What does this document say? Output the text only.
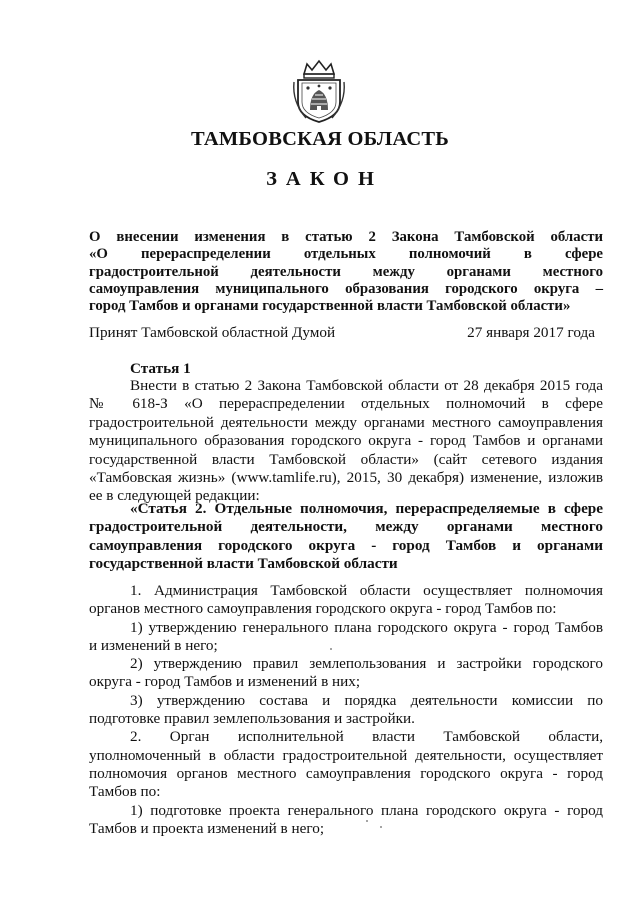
ТАМБОВСКАЯ ОБЛАСТЬ
ЗАКОН
О внесении изменения в статью 2 Закона Тамбовской области
«О перераспределении отдельных полномочий в сфере
градостроительной деятельности между органами местного
самоуправления муниципального образования городского округа –
город Тамбов и органами государственной власти Тамбовской области»
Принят Тамбовской областной Думой	27 января 2017 года
Статья 1
Внести в статью 2 Закона Тамбовской области от 28 декабря 2015 года
№ 618-З «О перераспределении отдельных полномочий в сфере
градостроительной деятельности между органами местного самоуправления
муниципального образования городского округа - город Тамбов и органами
государственной власти Тамбовской области» (сайт сетевого издания
«Тамбовская жизнь» (www.tamlife.ru), 2015, 30 декабря) изменение, изложив
ее в следующей редакции:
«Статья 2. Отдельные полномочия, перераспределяемые в сфере
градостроительной деятельности, между органами местного
самоуправления городского округа - город Тамбов и органами
государственной власти Тамбовской области
1. Администрация Тамбовской области осуществляет полномочия
органов местного самоуправления городского округа - город Тамбов по:
1) утверждению генерального плана городского округа - город Тамбов
и изменений в него;
2) утверждению правил землепользования и застройки городского
округа - город Тамбов и изменений в них;
3) утверждению состава и порядка деятельности комиссии по
подготовке правил землепользования и застройки.
2. Орган исполнительной власти Тамбовской области,
уполномоченный в области градостроительной деятельности, осуществляет
полномочия органов местного самоуправления городского округа - город
Тамбов по:
1) подготовке проекта генерального плана городского округа - город
Тамбов и проекта изменений в него;
